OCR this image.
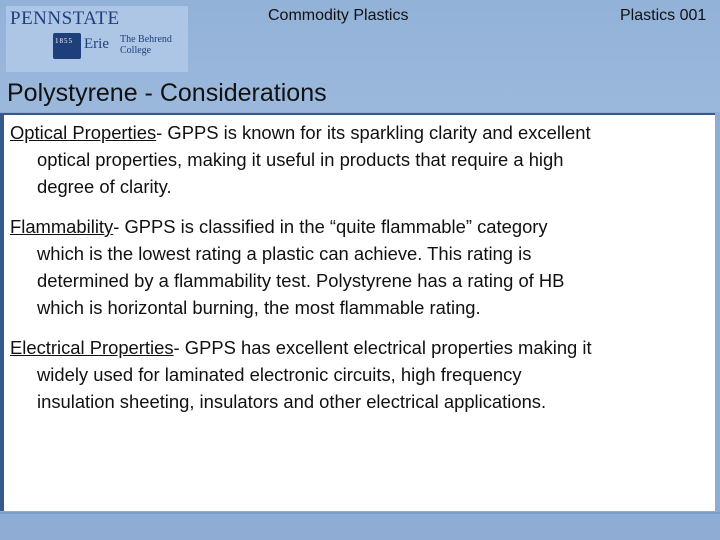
PENNSTATE
1855 Erie The Behrend College
Commodity Plastics	Plastics 001
Polystyrene - Considerations
Optical Properties- GPPS is known for its sparkling clarity and excellent
optical properties, making it useful in products that require a high
degree of clarity.
Flammability- GPPS is classified in the “quite flammable” category
which is the lowest rating a plastic can achieve. This rating is
determined by a flammability test. Polystyrene has a rating of HB
which is horizontal burning, the most flammable rating.
Electrical Properties- GPPS has excellent electrical properties making it
widely used for laminated electronic circuits, high frequency
insulation sheeting, insulators and other electrical applications.
